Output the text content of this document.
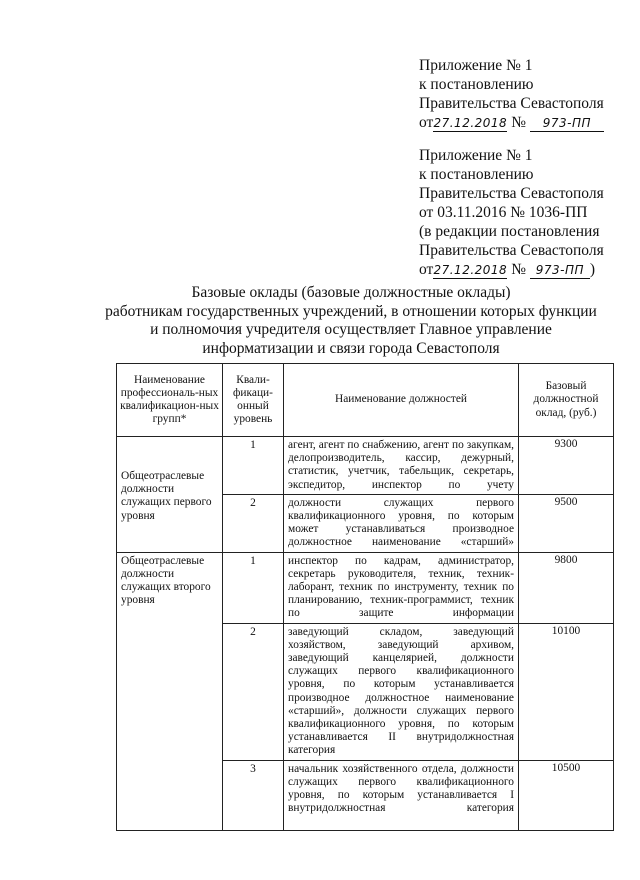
Приложение № 1
к постановлению
Правительства Севастополя
от27.12.2018 № 973-ПП
Приложение № 1
к постановлению
Правительства Севастополя
от 03.11.2016 № 1036-ПП
(в редакции постановления
Правительства Севастополя
от27.12.2018 № 973-ПП )
Базовые оклады (базовые должностные оклады)
работникам государственных учреждений, в отношении которых функции
и полномочия учредителя осуществляет Главное управление
информатизации и связи города Севастополя
Наименование профессиональ-ных квалификацион-ных групп*	Квали-фикаци-онный уровень	Наименование должностей	Базовый должностной оклад, (руб.)
Общеотраслевые должности служащих первого уровня	1	агент, агент по снабжению, агент по закупкам, делопроизводитель, кассир, дежурный, статистик, учетчик, табельщик, секретарь, экспедитор, инспектор по учету	9300
	2	должности служащих первого квалификационного уровня, по которым может устанавливаться производное должностное наименование «старший»	9500
Общеотраслевые должности служащих второго уровня	1	инспектор по кадрам, администратор, секретарь руководителя, техник, техник-лаборант, техник по инструменту, техник по планированию, техник-программист, техник по защите информации	9800
	2	заведующий складом, заведующий хозяйством, заведующий архивом, заведующий канцелярией, должности служащих первого квалификационного уровня, по которым устанавливается производное должностное наименование «старший», должности служащих первого квалификационного уровня, по которым устанавливается II внутридолжностная категория	10100
	3	начальник хозяйственного отдела, должности служащих первого квалификационного уровня, по которым устанавливается I внутридолжностная категория	10500
